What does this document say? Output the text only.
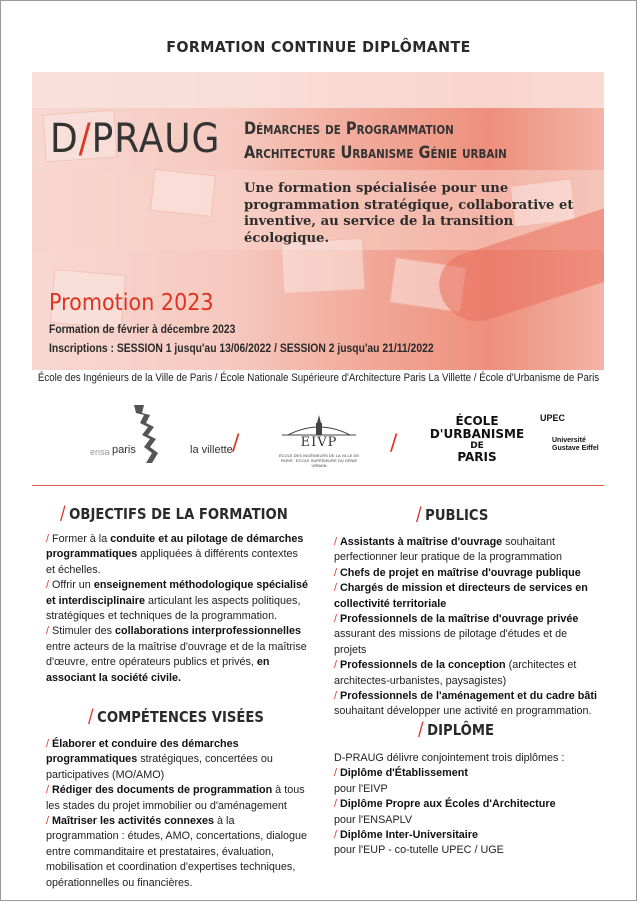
FORMATION CONTINUE DIPLÔMANTE
D/PRAUG Démarches de Programmation
Architecture Urbanisme Génie urbain
Une formation spécialisée pour une programmation stratégique, collaborative et inventive, au service de la transition écologique.
Promotion 2023
Formation de février à décembre 2023
Inscriptions : SESSION 1 jusqu'au 13/06/2022 / SESSION 2 jusqu'au 21/11/2022
École des Ingénieurs de la Ville de Paris / École Nationale Supérieure d'Architecture Paris La Villette / École d'Urbanisme de Paris
ensa paris	la villette /	EIVP
ÉCOLE DES INGÉNIEURS DE LA VILLE DE PARIS · ÉCOLE SUPÉRIEURE DU GÉNIE URBAIN
/
ÉCOLE
D'URBANISME
DE
PARIS
UPEC
Université
Gustave Eiffel
/ OBJECTIFS DE LA FORMATION

/ Former à la conduite et au pilotage de démarches programmatiques appliquées à différents contextes et échelles.

/ Offrir un enseignement méthodologique spécialisé et interdisciplinaire articulant les aspects politiques, stratégiques et techniques de la programmation.

/ Stimuler des collaborations interprofessionnelles entre acteurs de la maîtrise d'ouvrage et de la maîtrise d'œuvre, entre opérateurs publics et privés, en associant la société civile.

/ COMPÉTENCES VISÉES

/ Élaborer et conduire des démarches programmatiques stratégiques, concertées ou participatives (MO/AMO)

/ Rédiger des documents de programmation à tous les stades du projet immobilier ou d'aménagement

/ Maîtriser les activités connexes à la programmation : études, AMO, concertations, dialogue entre commanditaire et prestataires, évaluation, mobilisation et coordination d'expertises techniques, opérationnelles ou financières.

/ PUBLICS

/ Assistants à maîtrise d'ouvrage souhaitant perfectionner leur pratique de la programmation

/ Chefs de projet en maîtrise d'ouvrage publique

/ Chargés de mission et directeurs de services en collectivité territoriale

/ Professionnels de la maîtrise d'ouvrage privée assurant des missions de pilotage d'études et de projets

/ Professionnels de la conception (architectes et architectes-urbanistes, paysagistes)

/ Professionnels de l'aménagement et du cadre bâti souhaitant développer une activité en programmation.

/ DIPLÔME

D-PRAUG délivre conjointement trois diplômes :

/ Diplôme d'Établissement
pour l'EIVP

/ Diplôme Propre aux Écoles d'Architecture
pour l'ENSAPLV

/ Diplôme Inter-Universitaire
pour l'EUP - co-tutelle UPEC / UGE
